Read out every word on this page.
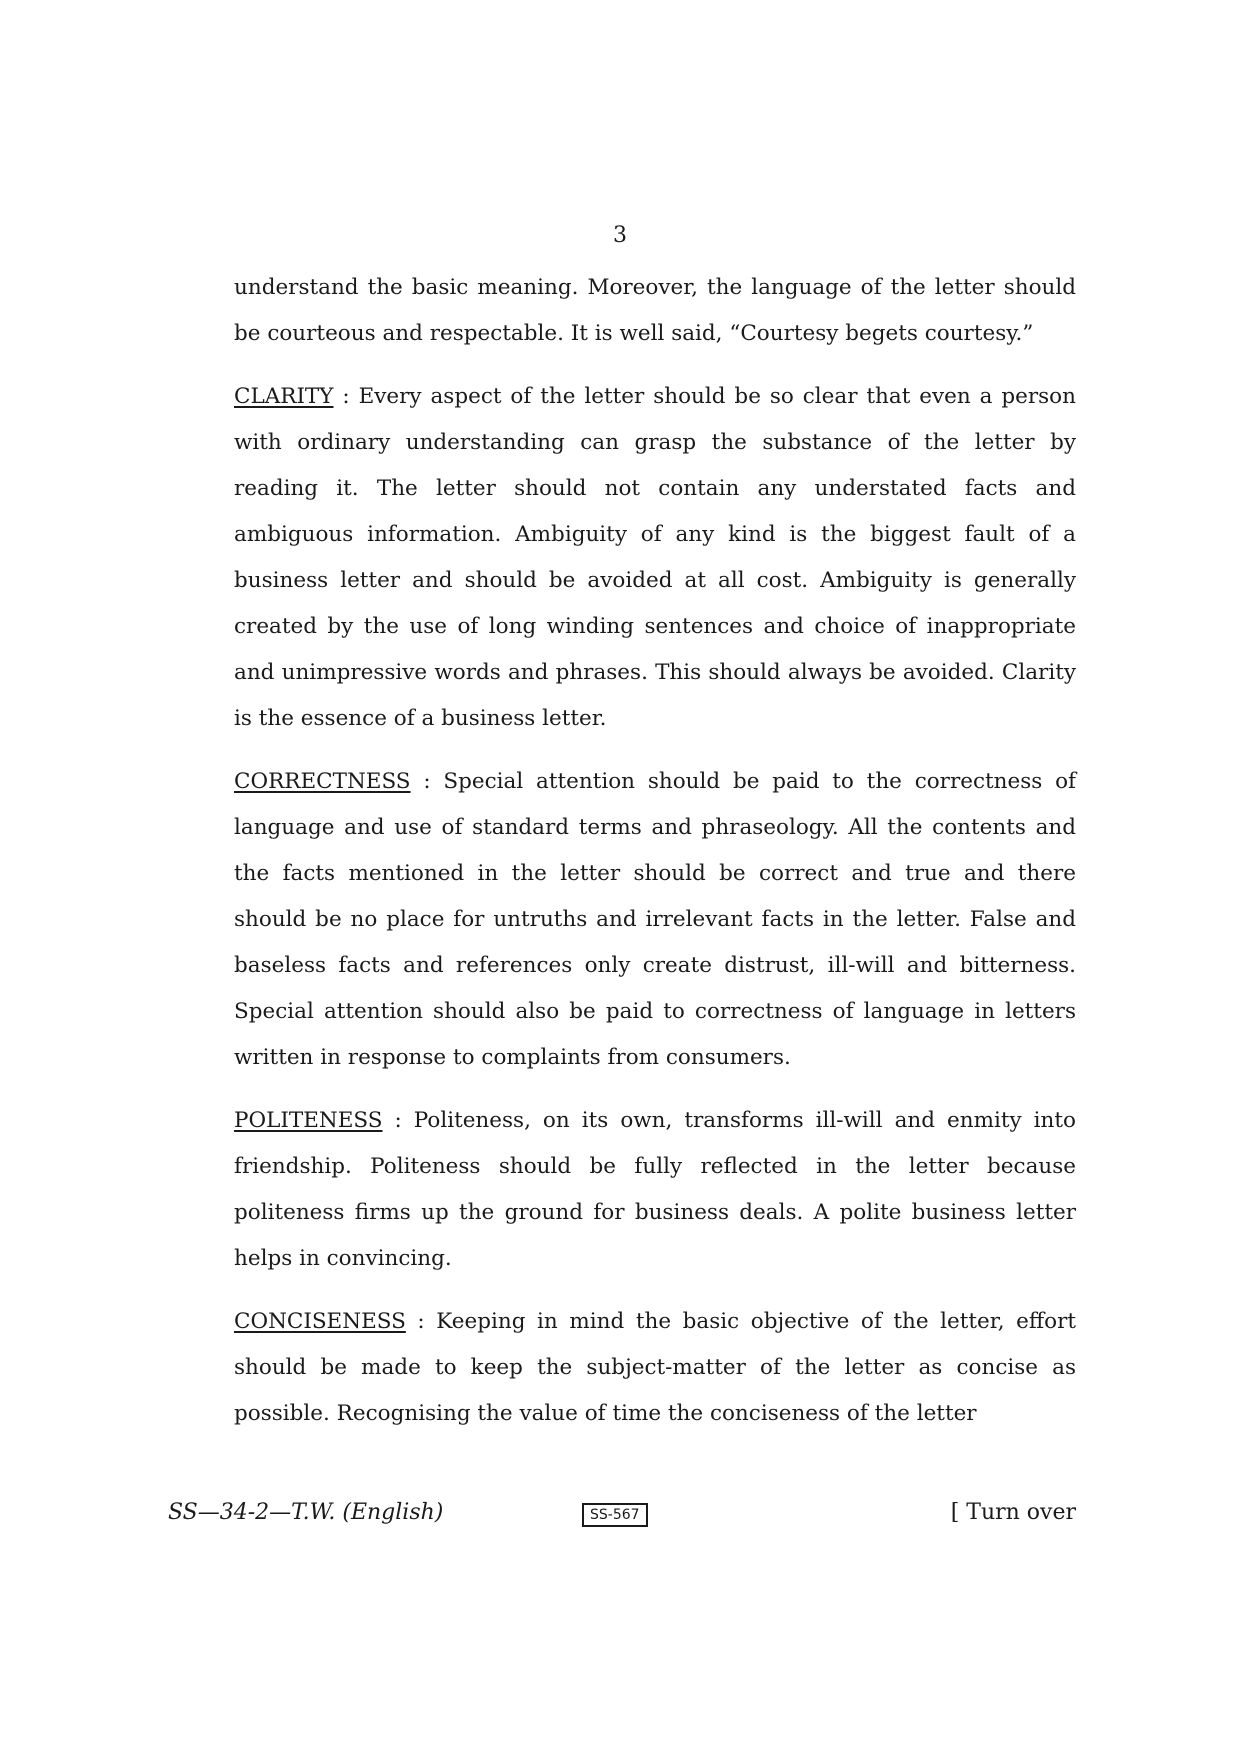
3

understand the basic meaning. Moreover, the language of the letter should be courteous and respectable. It is well said, “Courtesy begets courtesy.”

CLARITY : Every aspect of the letter should be so clear that even a person with ordinary understanding can grasp the substance of the letter by reading it. The letter should not contain any understated facts and ambiguous information. Ambiguity of any kind is the biggest fault of a business letter and should be avoided at all cost. Ambiguity is generally created by the use of long winding sentences and choice of inappropriate and unimpressive words and phrases. This should always be avoided. Clarity is the essence of a business letter.

CORRECTNESS : Special attention should be paid to the correctness of language and use of standard terms and phraseology. All the contents and the facts mentioned in the letter should be correct and true and there should be no place for untruths and irrelevant facts in the letter. False and baseless facts and references only create distrust, ill-will and bitterness. Special attention should also be paid to correctness of language in letters written in response to complaints from consumers.

POLITENESS : Politeness, on its own, transforms ill-will and enmity into friendship. Politeness should be fully reflected in the letter because politeness firms up the ground for business deals. A polite business letter helps in convincing.

CONCISENESS : Keeping in mind the basic objective of the letter, effort should be made to keep the subject-matter of the letter as concise as possible. Recognising the value of time the conciseness of the letter

SS—34-2—T.W. (English)	SS-567	[ Turn over
